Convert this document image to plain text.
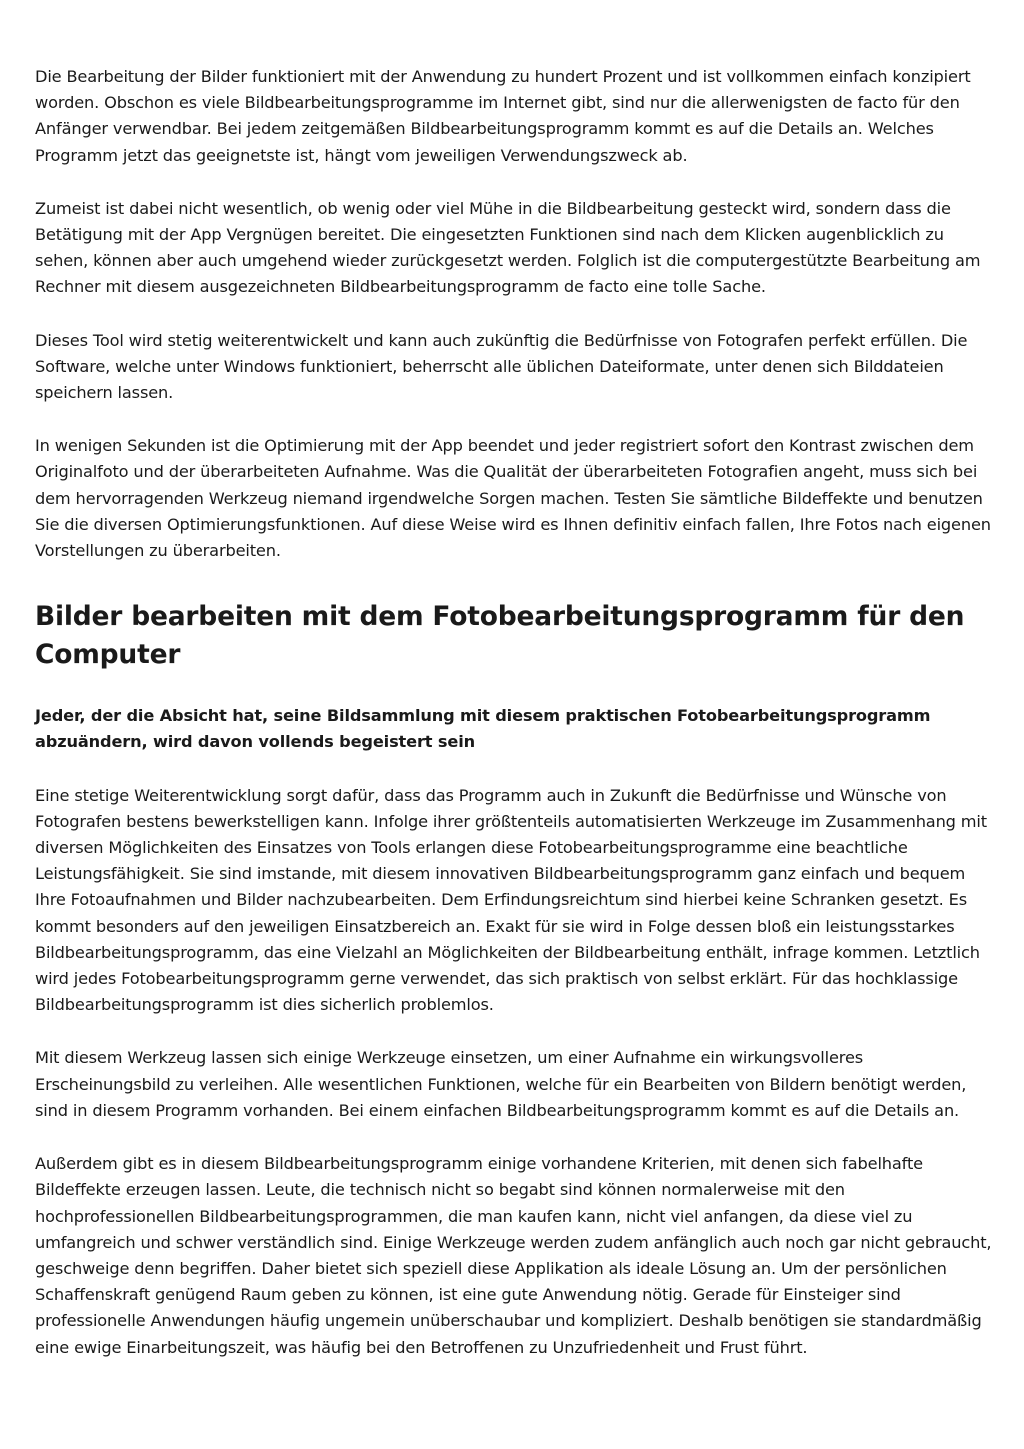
Die Bearbeitung der Bilder funktioniert mit der Anwendung zu hundert Prozent und ist vollkommen einfach konzipiert worden. Obschon es viele Bildbearbeitungsprogramme im Internet gibt, sind nur die allerwenigsten de facto für den Anfänger verwendbar. Bei jedem zeitgemäßen Bildbearbeitungsprogramm kommt es auf die Details an. Welches Programm jetzt das geeignetste ist, hängt vom jeweiligen Verwendungszweck ab.

Zumeist ist dabei nicht wesentlich, ob wenig oder viel Mühe in die Bildbearbeitung gesteckt wird, sondern dass die Betätigung mit der App Vergnügen bereitet. Die eingesetzten Funktionen sind nach dem Klicken augenblicklich zu sehen, können aber auch umgehend wieder zurückgesetzt werden. Folglich ist die computergestützte Bearbeitung am Rechner mit diesem ausgezeichneten Bildbearbeitungsprogramm de facto eine tolle Sache.

Dieses Tool wird stetig weiterentwickelt und kann auch zukünftig die Bedürfnisse von Fotografen perfekt erfüllen. Die Software, welche unter Windows funktioniert, beherrscht alle üblichen Dateiformate, unter denen sich Bilddateien speichern lassen.

In wenigen Sekunden ist die Optimierung mit der App beendet und jeder registriert sofort den Kontrast zwischen dem Originalfoto und der überarbeiteten Aufnahme. Was die Qualität der überarbeiteten Fotografien angeht, muss sich bei dem hervorragenden Werkzeug niemand irgendwelche Sorgen machen. Testen Sie sämtliche Bildeffekte und benutzen Sie die diversen Optimierungsfunktionen. Auf diese Weise wird es Ihnen definitiv einfach fallen, Ihre Fotos nach eigenen Vorstellungen zu überarbeiten.

Bilder bearbeiten mit dem Fotobearbeitungsprogramm für den Computer
Jeder, der die Absicht hat, seine Bildsammlung mit diesem praktischen Fotobearbeitungsprogramm abzuändern, wird davon vollends begeistert sein

Eine stetige Weiterentwicklung sorgt dafür, dass das Programm auch in Zukunft die Bedürfnisse und Wünsche von Fotografen bestens bewerkstelligen kann. Infolge ihrer größtenteils automatisierten Werkzeuge im Zusammenhang mit diversen Möglichkeiten des Einsatzes von Tools erlangen diese Fotobearbeitungsprogramme eine beachtliche Leistungsfähigkeit. Sie sind imstande, mit diesem innovativen Bildbearbeitungsprogramm ganz einfach und bequem Ihre Fotoaufnahmen und Bilder nachzubearbeiten. Dem Erfindungsreichtum sind hierbei keine Schranken gesetzt. Es kommt besonders auf den jeweiligen Einsatzbereich an. Exakt für sie wird in Folge dessen bloß ein leistungsstarkes Bildbearbeitungsprogramm, das eine Vielzahl an Möglichkeiten der Bildbearbeitung enthält, infrage kommen. Letztlich wird jedes Fotobearbeitungsprogramm gerne verwendet, das sich praktisch von selbst erklärt. Für das hochklassige Bildbearbeitungsprogramm ist dies sicherlich problemlos.

Mit diesem Werkzeug lassen sich einige Werkzeuge einsetzen, um einer Aufnahme ein wirkungsvolleres Erscheinungsbild zu verleihen. Alle wesentlichen Funktionen, welche für ein Bearbeiten von Bildern benötigt werden, sind in diesem Programm vorhanden. Bei einem einfachen Bildbearbeitungsprogramm kommt es auf die Details an.

Außerdem gibt es in diesem Bildbearbeitungsprogramm einige vorhandene Kriterien, mit denen sich fabelhafte Bildeffekte erzeugen lassen. Leute, die technisch nicht so begabt sind können normalerweise mit den hochprofessionellen Bildbearbeitungsprogrammen, die man kaufen kann, nicht viel anfangen, da diese viel zu umfangreich und schwer verständlich sind. Einige Werkzeuge werden zudem anfänglich auch noch gar nicht gebraucht, geschweige denn begriffen. Daher bietet sich speziell diese Applikation als ideale Lösung an. Um der persönlichen Schaffenskraft genügend Raum geben zu können, ist eine gute Anwendung nötig. Gerade für Einsteiger sind professionelle Anwendungen häufig ungemein unüberschaubar und kompliziert. Deshalb benötigen sie standardmäßig eine ewige Einarbeitungszeit, was häufig bei den Betroffenen zu Unzufriedenheit und Frust führt.
